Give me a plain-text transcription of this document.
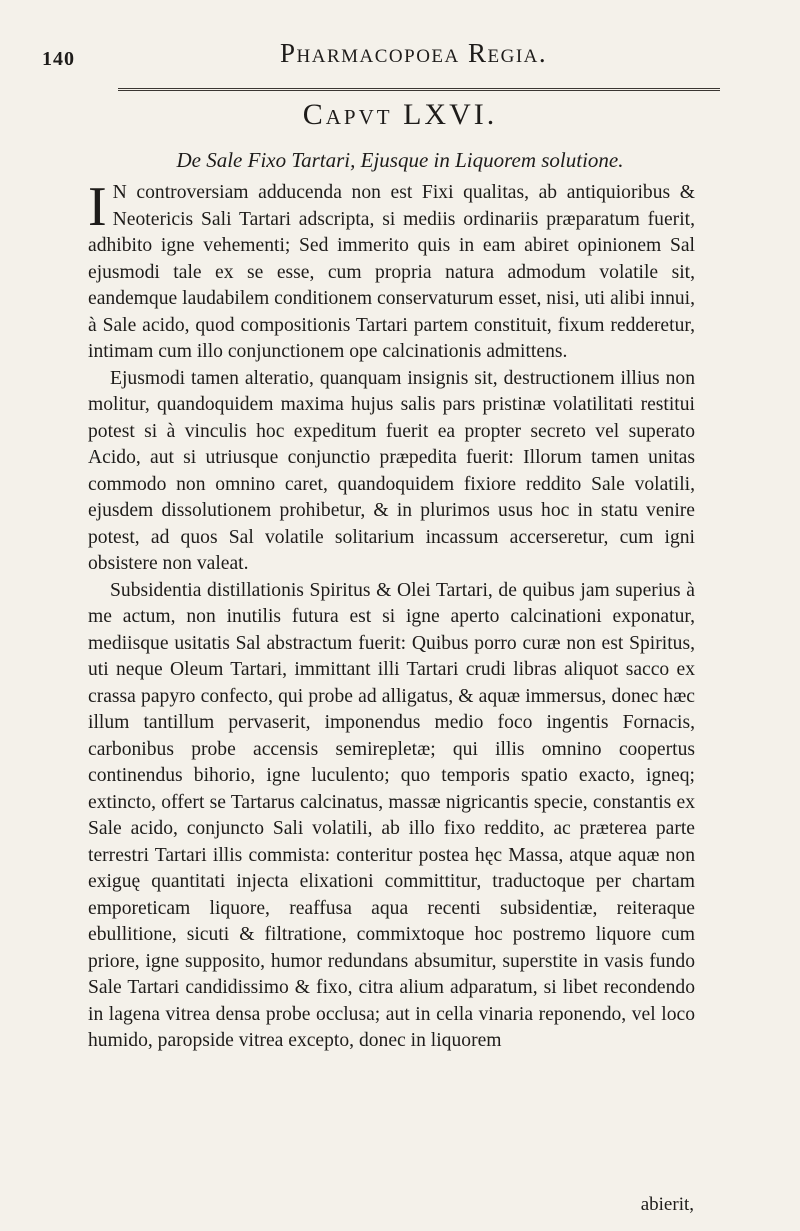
140	Pharmacopoea Regia.
Capvt LXVI.
De Sale Fixo Tartari, Ejusque in Liquorem solutione.

I N controversiam adducenda non est Fixi qualitas, ab antiquioribus & Neotericis Sali Tartari adscripta, si mediis ordinariis præparatum fuerit, adhibito igne vehementi; Sed immerito quis in eam abiret opinionem Sal ejusmodi tale ex se esse, cum propria natura admodum volatile sit, eandemque laudabilem conditionem conservaturum esset, nisi, uti alibi innui, à Sale acido, quod compositionis Tartari partem constituit, fixum redderetur, intimam cum illo conjunctionem ope calcinationis admittens.

Ejusmodi tamen alteratio, quanquam insignis sit, destructionem illius non molitur, quandoquidem maxima hujus salis pars pristinæ volatilitati restitui potest si à vinculis hoc expeditum fuerit ea propter secreto vel superato Acido, aut si utriusque conjunctio præpedita fuerit: Illorum tamen unitas commodo non omnino caret, quandoquidem fixiore reddito Sale volatili, ejusdem dissolutionem prohibetur, & in plurimos usus hoc in statu venire potest, ad quos Sal volatile solitarium incassum accerseretur, cum igni obsistere non valeat.

Subsidentia distillationis Spiritus & Olei Tartari, de quibus jam superius à me actum, non inutilis futura est si igne aperto calcinationi exponatur, mediisque usitatis Sal abstractum fuerit: Quibus porro curæ non est Spiritus, uti neque Oleum Tartari, immittant illi Tartari crudi libras aliquot sacco ex crassa papyro confecto, qui probe ad alligatus, & aquæ immersus, donec hæc illum tantillum pervaserit, imponendus medio foco ingentis Fornacis, carbonibus probe accensis semirepletæ; qui illis omnino coopertus continendus bihorio, igne luculento; quo temporis spatio exacto, igneq; extincto, offert se Tartarus calcinatus, massæ nigricantis specie, constantis ex Sale acido, conjuncto Sali volatili, ab illo fixo reddito, ac præterea parte terrestri Tartari illis commista: conteritur postea hęc Massa, atque aquæ non exiguę quantitati injecta elixationi committitur, traductoque per chartam emporeticam liquore, reaffusa aqua recenti subsidentiæ, reiteraque ebullitione, sicuti & filtratione, commixtoque hoc postremo liquore cum priore, igne supposito, humor redundans absumitur, superstite in vasis fundo Sale Tartari candidissimo & fixo, citra alium adparatum, si libet recondendo in lagena vitrea densa probe occlusa; aut in cella vinaria reponendo, vel loco humido, paropside vitrea excepto, donec in liquorem

abierit,
